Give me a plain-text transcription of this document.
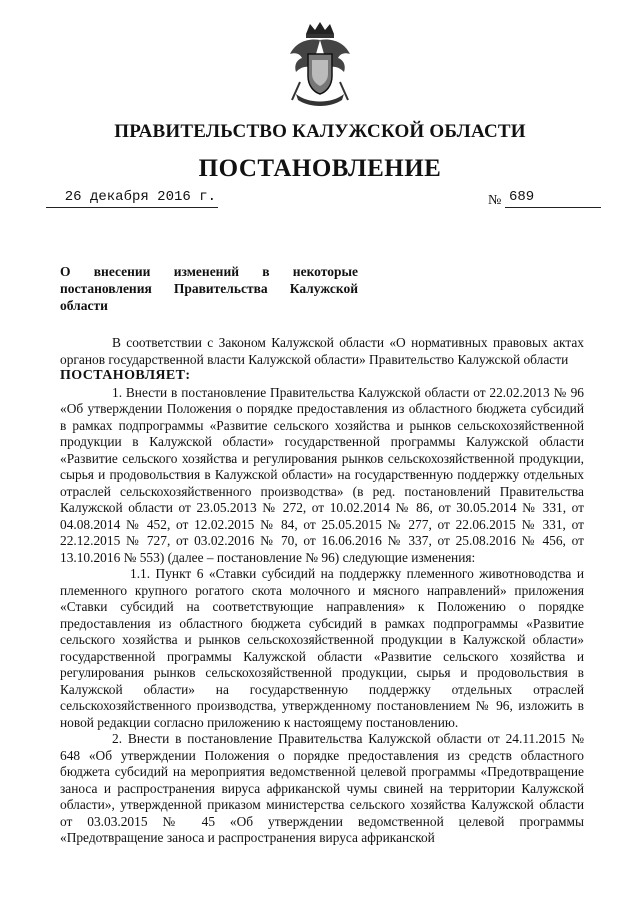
ПРАВИТЕЛЬСТВО КАЛУЖСКОЙ ОБЛАСТИ
ПОСТАНОВЛЕНИЕ
26 декабря 2016 г.	№ 689
О внесении изменений в некоторые постановления Правительства Калужской области

В соответствии с Законом Калужской области «О нормативных правовых актах органов государственной власти Калужской области» Правительство Калужской области

ПОСТАНОВЛЯЕТ:

1. Внести в постановление Правительства Калужской области от 22.02.2013 № 96 «Об утверждении Положения о порядке предоставления из областного бюджета субсидий в рамках подпрограммы «Развитие сельского хозяйства и рынков сельскохозяйственной продукции в Калужской области» государственной программы Калужской области «Развитие сельского хозяйства и регулирования рынков сельскохозяйственной продукции, сырья и продовольствия в Калужской области» на государственную поддержку отдельных отраслей сельскохозяйственного производства» (в ред. постановлений Правительства Калужской области от 23.05.2013 № 272, от 10.02.2014 № 86, от 30.05.2014 № 331, от 04.08.2014 № 452, от 12.02.2015 № 84, от 25.05.2015 № 277, от 22.06.2015 № 331, от 22.12.2015 № 727, от 03.02.2016 № 70, от 16.06.2016 № 337, от 25.08.2016 № 456, от 13.10.2016 № 553) (далее – постановление № 96) следующие изменения:

1.1. Пункт 6 «Ставки субсидий на поддержку племенного животноводства и племенного крупного рогатого скота молочного и мясного направлений» приложения «Ставки субсидий на соответствующие направления» к Положению о порядке предоставления из областного бюджета субсидий в рамках подпрограммы «Развитие сельского хозяйства и рынков сельскохозяйственной продукции в Калужской области» государственной программы Калужской области «Развитие сельского хозяйства и регулирования рынков сельскохозяйственной продукции, сырья и продовольствия в Калужской области» на государственную поддержку отдельных отраслей сельскохозяйственного производства, утвержденному постановлением № 96, изложить в новой редакции согласно приложению к настоящему постановлению.

2. Внести в постановление Правительства Калужской области от 24.11.2015 № 648 «Об утверждении Положения о порядке предоставления из средств областного бюджета субсидий на мероприятия ведомственной целевой программы «Предотвращение заноса и распространения вируса африканской чумы свиней на территории Калужской области», утвержденной приказом министерства сельского хозяйства Калужской области от 03.03.2015 № 45 «Об утверждении ведомственной целевой программы «Предотвращение заноса и распространения вируса африканской
